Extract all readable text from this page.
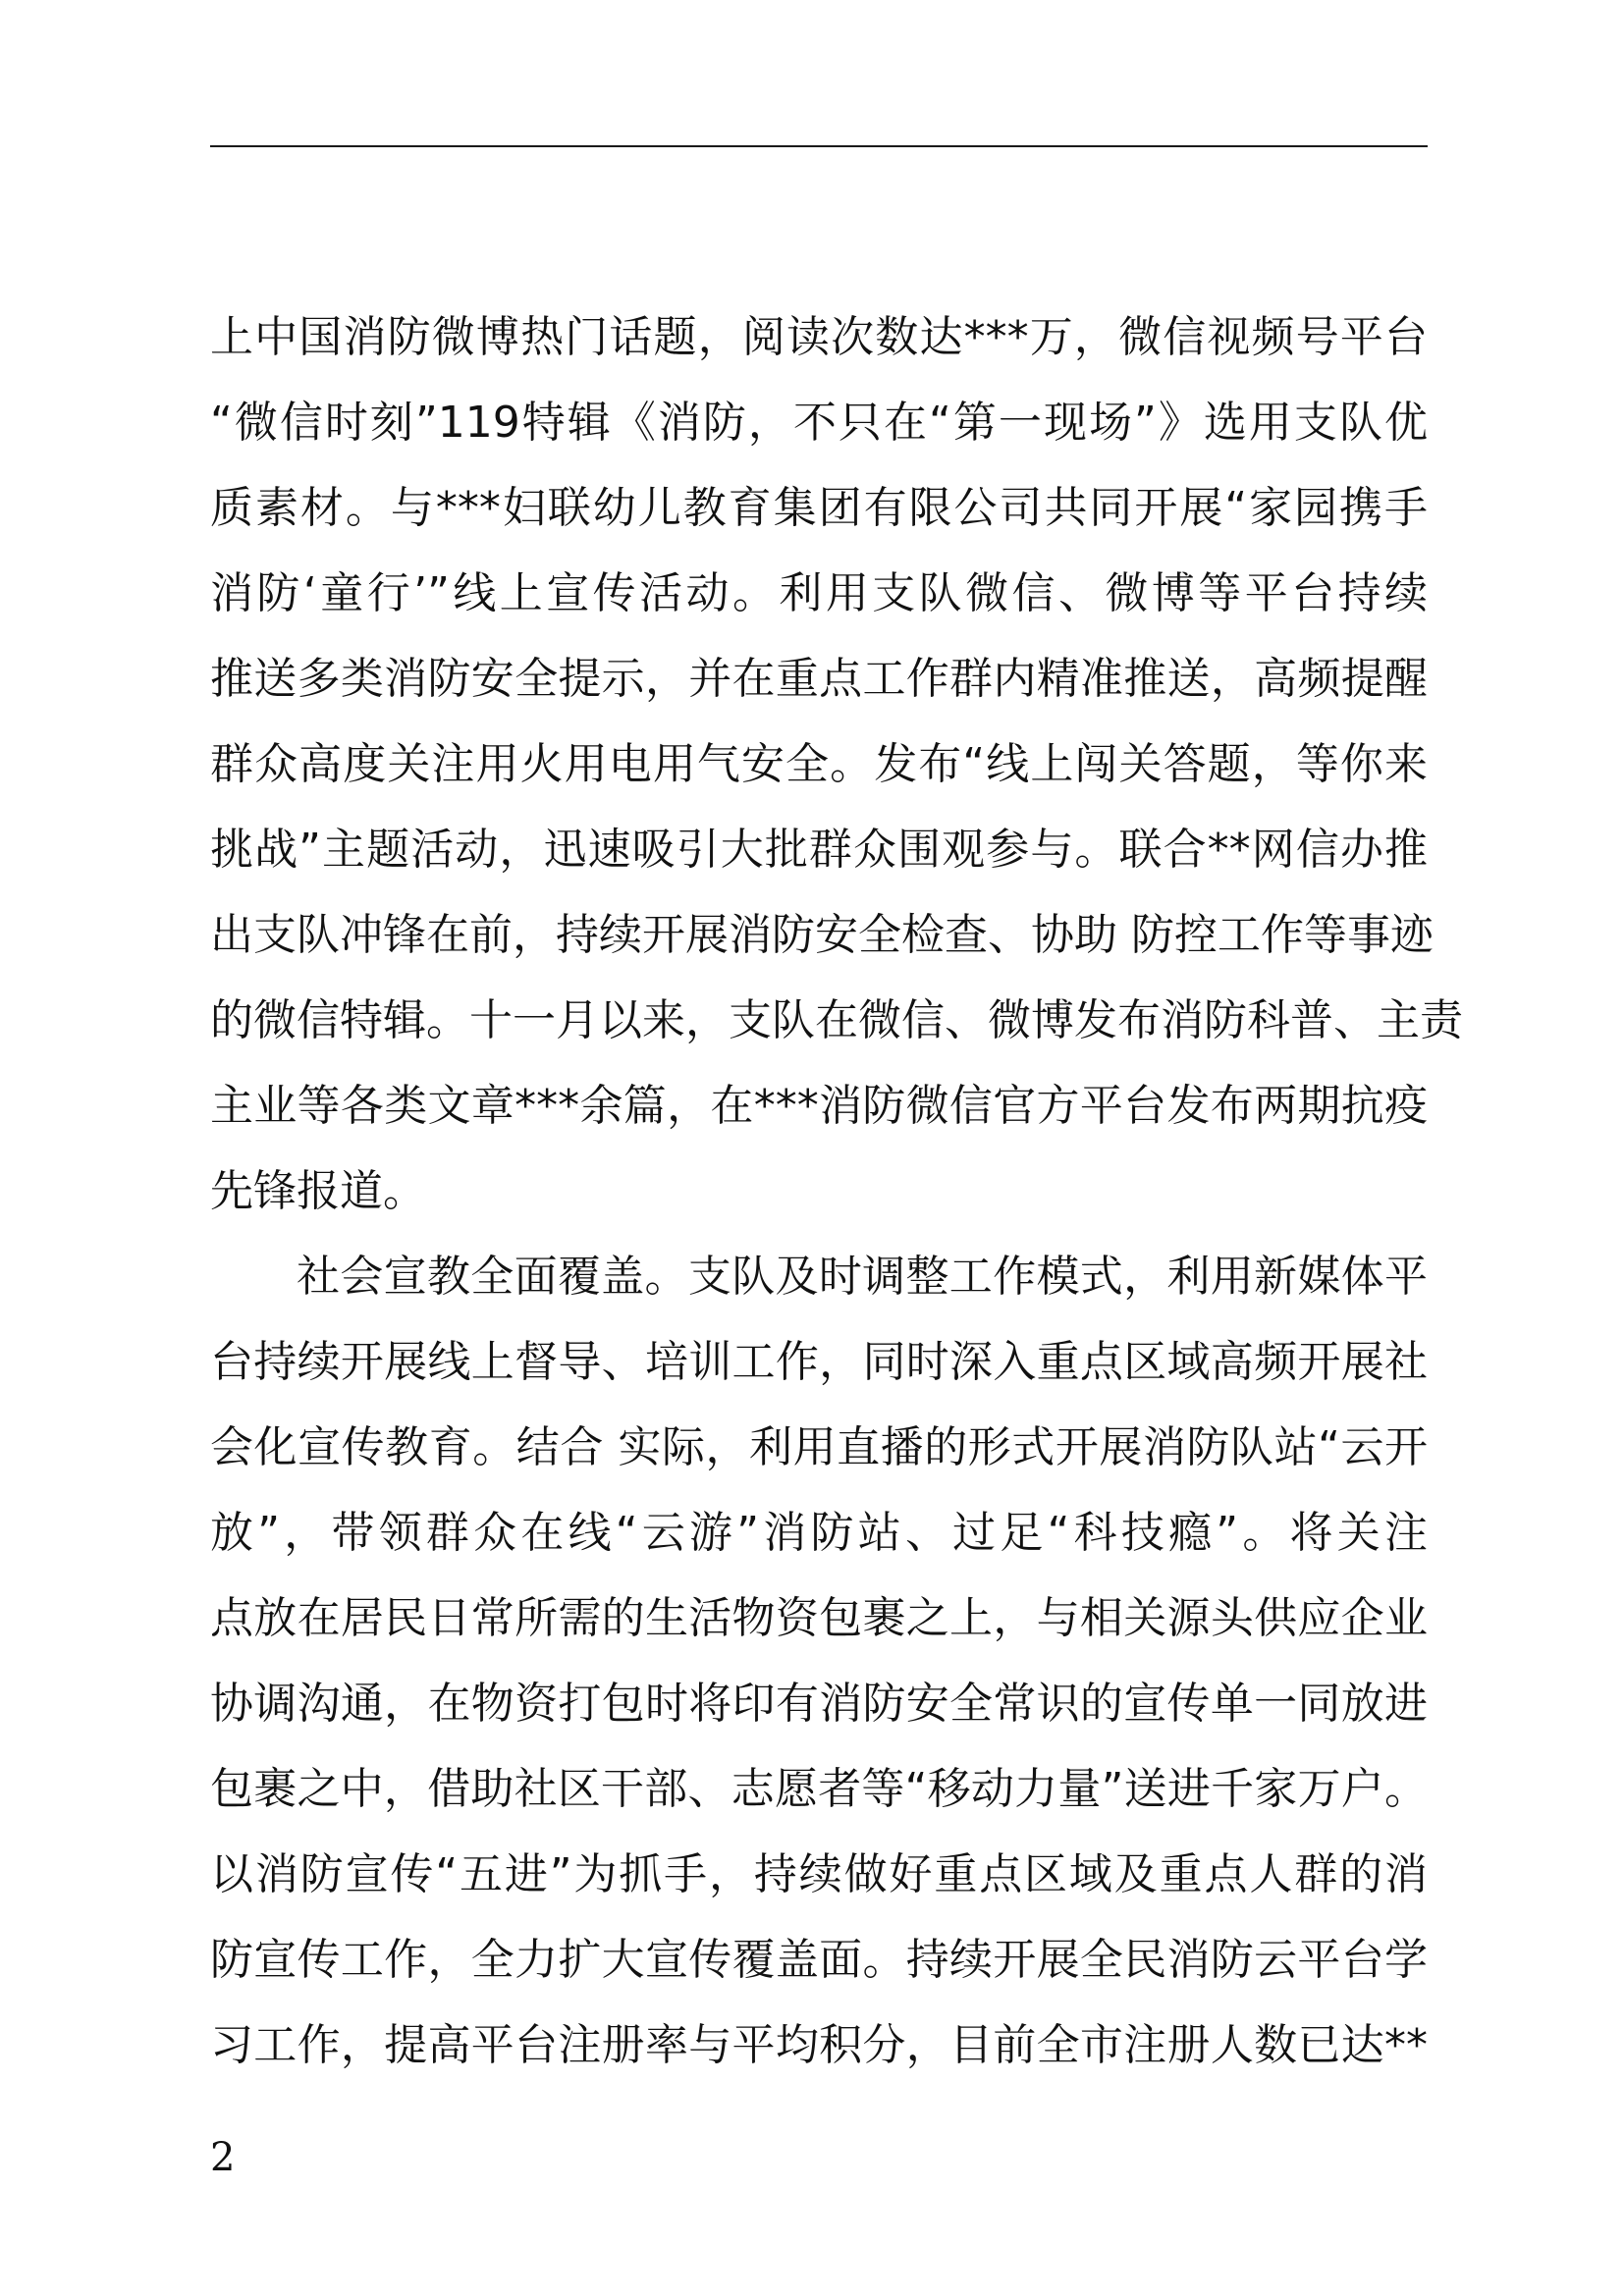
上中国消防微博热门话题，阅读次数达***万，微信视频号平台
“微信时刻”119特辑《消防，不只在“第一现场”》选用支队优
质素材。与***妇联幼儿教育集团有限公司共同开展“家园携手
消防‘童行’”线上宣传活动。利用支队微信、微博等平台持续
推送多类消防安全提示，并在重点工作群内精准推送，高频提醒
群众高度关注用火用电用气安全。发布“线上闯关答题，等你来
挑战”主题活动，迅速吸引大批群众围观参与。联合**网信办推
出支队冲锋在前，持续开展消防安全检查、协助 防控工作等事迹
的微信特辑。十一月以来，支队在微信、微博发布消防科普、主责
主业等各类文章***余篇，在***消防微信官方平台发布两期抗疫
先锋报道。
社会宣教全面覆盖。支队及时调整工作模式，利用新媒体平
台持续开展线上督导、培训工作，同时深入重点区域高频开展社
会化宣传教育。结合 实际，利用直播的形式开展消防队站“云开
放”，带领群众在线“云游”消防站、过足“科技瘾”。将关注
点放在居民日常所需的生活物资包裹之上，与相关源头供应企业
协调沟通，在物资打包时将印有消防安全常识的宣传单一同放进
包裹之中，借助社区干部、志愿者等“移动力量”送进千家万户。
以消防宣传“五进”为抓手，持续做好重点区域及重点人群的消
防宣传工作，全力扩大宣传覆盖面。持续开展全民消防云平台学
习工作，提高平台注册率与平均积分，目前全市注册人数已达**
2
